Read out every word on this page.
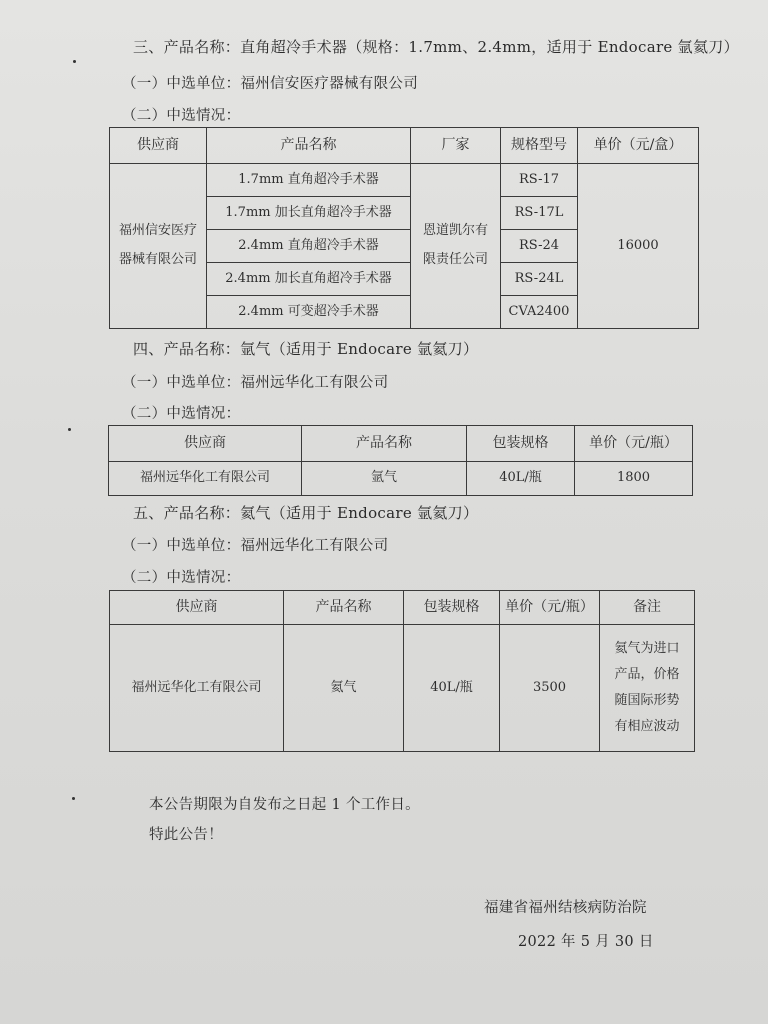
三、产品名称：直角超冷手术器（规格：1.7mm、2.4mm，适用于 Endocare 氩氦刀）
（一）中选单位：福州信安医疗器械有限公司
（二）中选情况：
供应商	产品名称	厂家	规格型号	单价（元/盒）
福州信安医疗器械有限公司	1.7mm 直角超冷手术器	恩道凯尔有限责任公司	RS-17	16000
	1.7mm 加长直角超冷手术器		RS-17L	
	2.4mm 直角超冷手术器		RS-24	
	2.4mm 加长直角超冷手术器		RS-24L	
	2.4mm 可变超冷手术器		CVA2400	
四、产品名称：氩气（适用于 Endocare 氩氦刀）
（一）中选单位：福州远华化工有限公司
（二）中选情况：
供应商	产品名称	包装规格	单价（元/瓶）
福州远华化工有限公司	氩气	40L/瓶	1800
五、产品名称：氦气（适用于 Endocare 氩氦刀）
（一）中选单位：福州远华化工有限公司
（二）中选情况：
供应商	产品名称	包装规格	单价（元/瓶）	备注
福州远华化工有限公司	氦气	40L/瓶	3500	氦气为进口产品，价格随国际形势有相应波动
本公告期限为自发布之日起 1 个工作日。
特此公告！
福建省福州结核病防治院
2022 年 5 月 30 日
